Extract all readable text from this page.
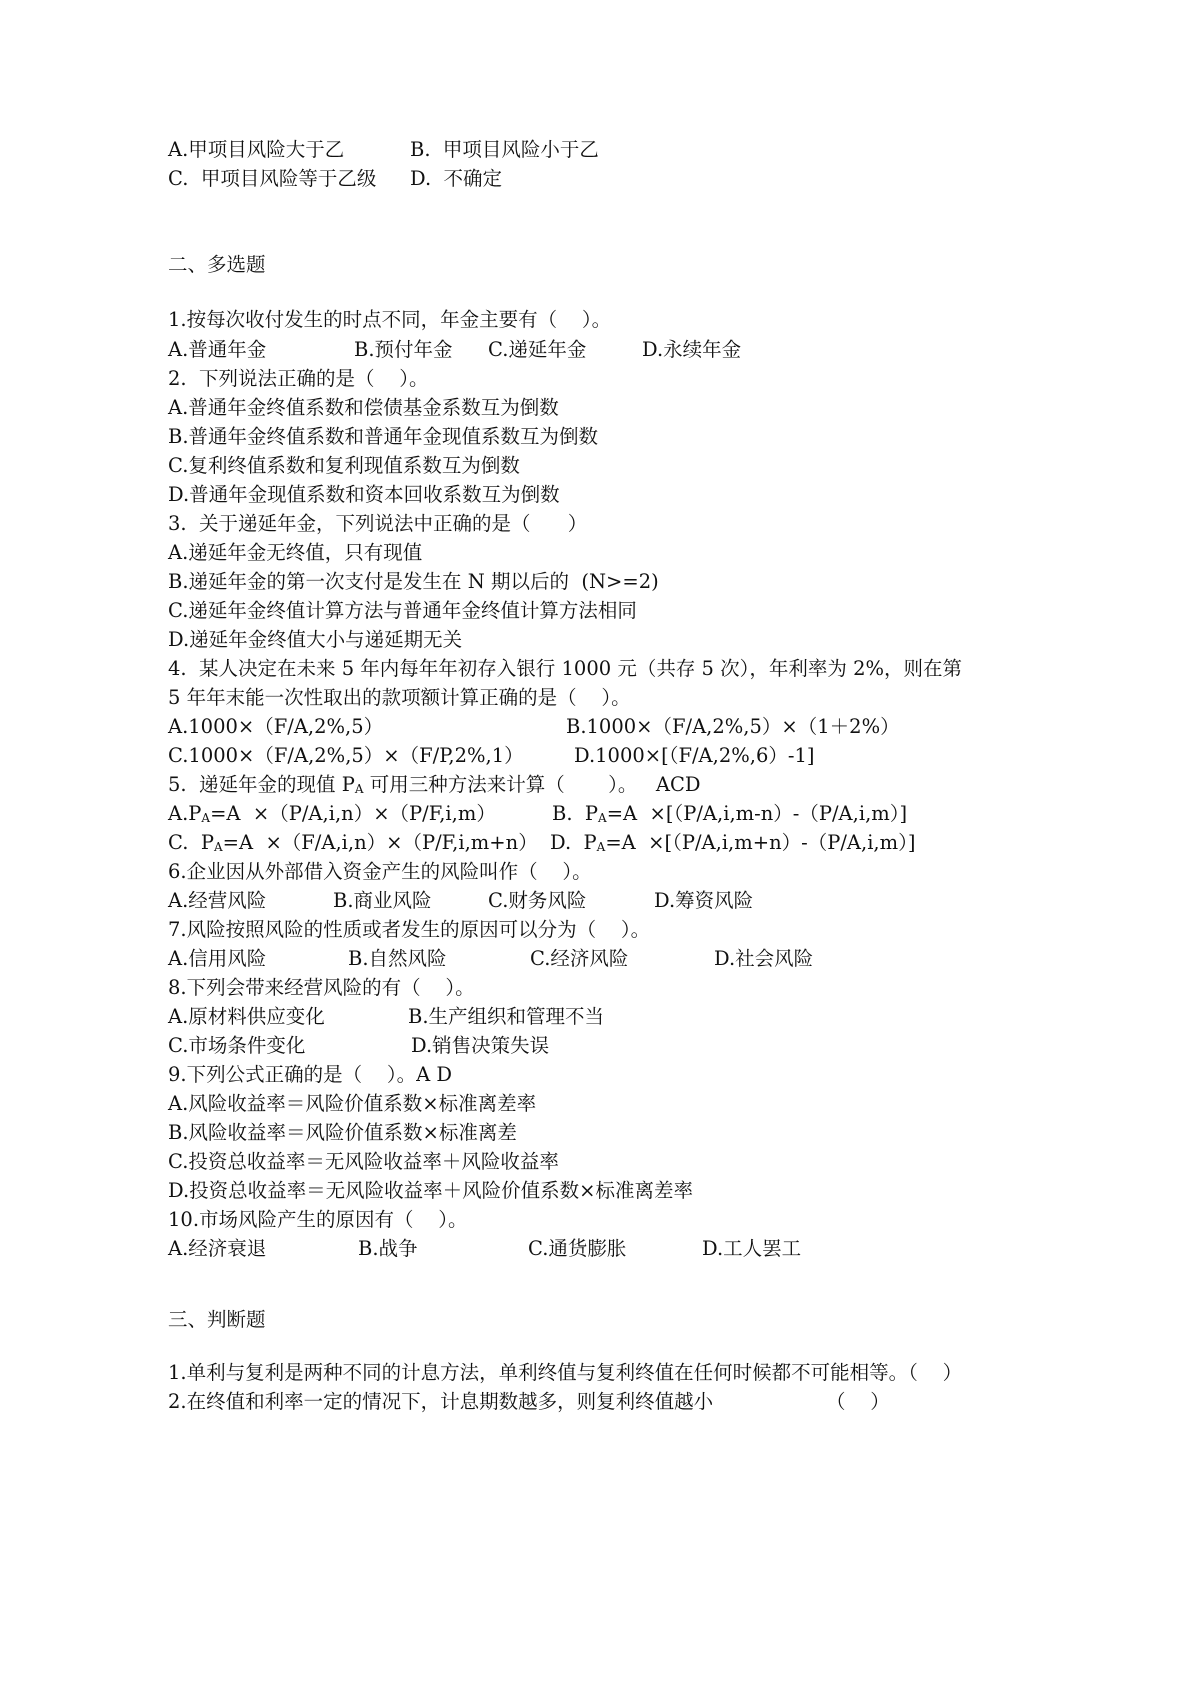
A.甲项目风险大于乙	B.  甲项目风险小于乙
C.  甲项目风险等于乙级 D.  不确定
二、多选题
1.按每次收付发生的时点不同，年金主要有（    ）。
A.普通年金	B.预付年金 C.递延年金	D.永续年金
2.  下列说法正确的是（    ）。
A.普通年金终值系数和偿债基金系数互为倒数
B.普通年金终值系数和普通年金现值系数互为倒数
C.复利终值系数和复利现值系数互为倒数
D.普通年金现值系数和资本回收系数互为倒数
3.  关于递延年金，下列说法中正确的是（      ）
A.递延年金无终值，只有现值
B.递延年金的第一次支付是发生在 N 期以后的  (N>=2)
C.递延年金终值计算方法与普通年金终值计算方法相同
D.递延年金终值大小与递延期无关
4.  某人决定在未来 5 年内每年年初存入银行 1000 元（共存 5 次），年利率为 2%，则在第
5 年年末能一次性取出的款项额计算正确的是（    ）。
A.1000×（F/A,2%,5）	B.1000×（F/A,2%,5）×（1＋2%）
C.1000×（F/A,2%,5）×（F/P,2%,1）	D.1000×[（F/A,2%,6）-1]
5.  递延年金的现值 $P_A$ 可用三种方法来计算（       ）。   ACD
$A.P_A=A \times(P/A,i,n)\times(P/F,i,m)$	B.  $P_A=A \times[(P/A,i,m-n)-(P/A,i,m)]$
C.  $P_A=A \times(F/A,i,n)\times(P/F,i,m+n)$ D.  $P_A=A \times[(P/A,i,m+n)-(P/A,i,m)]$
6.企业因从外部借入资金产生的风险叫作（    ）。
A.经营风险	B.商业风险	C.财务风险	D.筹资风险
7.风险按照风险的性质或者发生的原因可以分为（    ）。
A.信用风险	B.自然风险	C.经济风险	D.社会风险
8.下列会带来经营风险的有（    ）。
A.原材料供应变化	B.生产组织和管理不当
C.市场条件变化	D.销售决策失误
9.下列公式正确的是（    ）。A D
A.风险收益率＝风险价值系数×标准离差率
B.风险收益率＝风险价值系数×标准离差
C.投资总收益率＝无风险收益率＋风险收益率
D.投资总收益率＝无风险收益率＋风险价值系数×标准离差率
10.市场风险产生的原因有（    ）。
A.经济衰退	B.战争	C.通货膨胀	D.工人罢工
三、判断题
1.单利与复利是两种不同的计息方法，单利终值与复利终值在任何时候都不可能相等。（    ）
2.在终值和利率一定的情况下，计息期数越多，则复利终值越小	（    ）
